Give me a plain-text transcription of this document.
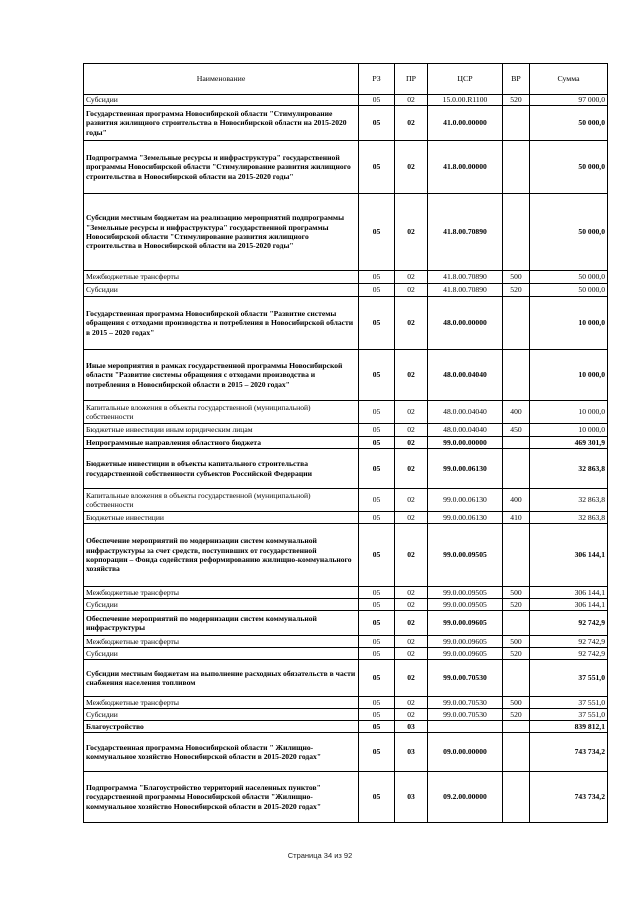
Наименование	РЗ	ПР	ЦСР	ВР	Сумма
Субсидии	05	02	15.0.00.R1100	520	97 000,0
Государственная программа Новосибирской области "Стимулирование развития жилищного строительства в Новосибирской области на 2015-2020 годы"	05	02	41.0.00.00000		50 000,0
Подпрограмма "Земельные ресурсы и инфраструктура" государственной программы Новосибирской области "Стимулирование развития жилищного строительства в Новосибирской области на 2015-2020 годы"	05	02	41.8.00.00000		50 000,0
Субсидии местным бюджетам на реализацию мероприятий подпрограммы "Земельные ресурсы и инфраструктура" государственной программы Новосибирской области "Стимулирование развития жилищного строительства в Новосибирской области на 2015-2020 годы"	05	02	41.8.00.70890		50 000,0
Межбюджетные трансферты	05	02	41.8.00.70890	500	50 000,0
Субсидии	05	02	41.8.00.70890	520	50 000,0
Государственная программа Новосибирской области "Развитие системы обращения с отходами производства и потребления в Новосибирской области в 2015 – 2020 годах"	05	02	48.0.00.00000		10 000,0
Иные мероприятия в рамках государственной программы Новосибирской области "Развитие системы обращения с отходами производства и потребления в Новосибирской области в 2015 – 2020 годах"	05	02	48.0.00.04040		10 000,0
Капитальные вложения в объекты государственной (муниципальной) собственности	05	02	48.0.00.04040	400	10 000,0
Бюджетные инвестиции иным юридическим лицам	05	02	48.0.00.04040	450	10 000,0
Непрограммные направления областного бюджета	05	02	99.0.00.00000		469 301,9
Бюджетные инвестиции в объекты капитального строительства государственной собственности субъектов Российской Федерации	05	02	99.0.00.06130		32 863,8
Капитальные вложения в объекты государственной (муниципальной) собственности	05	02	99.0.00.06130	400	32 863,8
Бюджетные инвестиции	05	02	99.0.00.06130	410	32 863,8
Обеспечение мероприятий по модернизации систем коммунальной инфраструктуры за счет средств, поступивших от государственной корпорации – Фонда содействия реформированию жилищно-коммунального хозяйства	05	02	99.0.00.09505		306 144,1
Межбюджетные трансферты	05	02	99.0.00.09505	500	306 144,1
Субсидии	05	02	99.0.00.09505	520	306 144,1
Обеспечение мероприятий по модернизации систем коммунальной инфраструктуры	05	02	99.0.00.09605		92 742,9
Межбюджетные трансферты	05	02	99.0.00.09605	500	92 742,9
Субсидии	05	02	99.0.00.09605	520	92 742,9
Субсидии местным бюджетам на выполнение расходных обязательств в части снабжения населения топливом	05	02	99.0.00.70530		37 551,0
Межбюджетные трансферты	05	02	99.0.00.70530	500	37 551,0
Субсидии	05	02	99.0.00.70530	520	37 551,0
Благоустройство	05	03			839 812,1
Государственная программа Новосибирской области " Жилищно-коммунальное хозяйство Новосибирской области в 2015-2020 годах"	05	03	09.0.00.00000		743 734,2
Подпрограмма "Благоустройство территорий населенных пунктов" государственной программы Новосибирской области "Жилищно-коммунальное хозяйство Новосибирской области в 2015-2020 годах"	05	03	09.2.00.00000		743 734,2
Страница 34 из 92
